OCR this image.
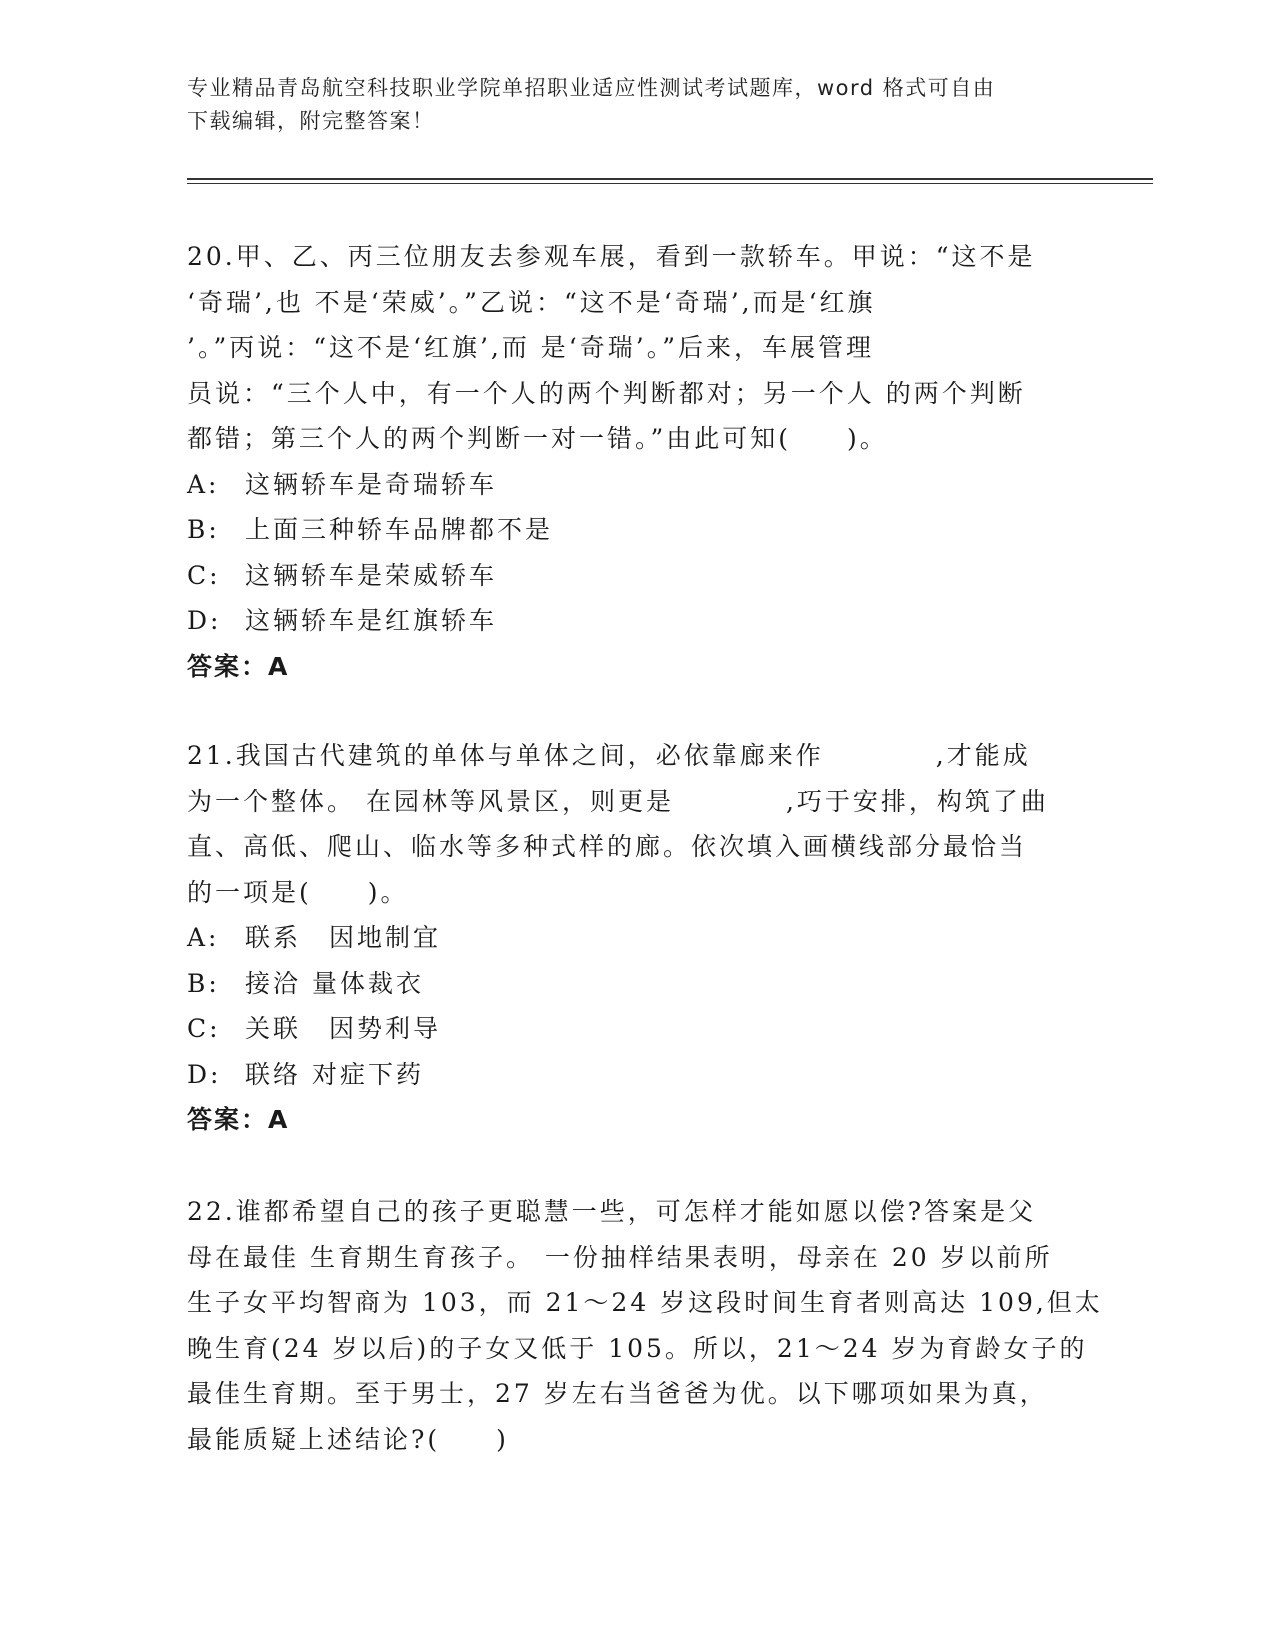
专业精品青岛航空科技职业学院单招职业适应性测试考试题库，word 格式可自由
下载编辑，附完整答案！
20.甲、乙、丙三位朋友去参观车展，看到一款轿车。甲说：“这不是
‘奇瑞’,也 不是‘荣威’。”乙说：“这不是‘奇瑞’,而是‘红旗
’。”丙说：“这不是‘红旗’,而 是‘奇瑞’。”后来，车展管理
员说：“三个人中，有一个人的两个判断都对；另一个人 的两个判断
都错；第三个人的两个判断一对一错。”由此可知(　　)。
A: 这辆轿车是奇瑞轿车
B: 上面三种轿车品牌都不是
C: 这辆轿车是荣威轿车
D: 这辆轿车是红旗轿车
答案：A
21.我国古代建筑的单体与单体之间，必依靠廊来作　　　　,才能成
为一个整体。 在园林等风景区，则更是　　　　,巧于安排，构筑了曲
直、高低、爬山、临水等多种式样的廊。依次填入画横线部分最恰当
的一项是(　　)。
A: 联系　因地制宜
B: 接洽 量体裁衣
C: 关联　因势利导
D: 联络 对症下药
答案：A
22.谁都希望自己的孩子更聪慧一些，可怎样才能如愿以偿?答案是父
母在最佳 生育期生育孩子。 一份抽样结果表明，母亲在 20 岁以前所
生子女平均智商为 103，而 21～24 岁这段时间生育者则高达 109,但太
晚生育(24 岁以后)的子女又低于 105。所以，21～24 岁为育龄女子的
最佳生育期。至于男士，27 岁左右当爸爸为优。以下哪项如果为真，
最能质疑上述结论?(　　)
